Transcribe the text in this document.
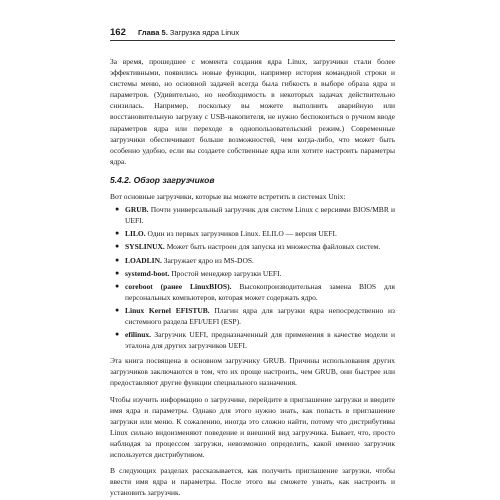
162 Глава 5. Загрузка ядра Linux

За время, прошедшее с момента создания ядра Linux, загрузчики стали более эффективными, появились новые функции, например история командной строки и системы меню, но основной задачей всегда была гибкость в выборе образа ядра и параметров. (Удивительно, но необходимость в некоторых задачах действительно снизилась. Например, поскольку вы можете выполнить аварийную или восстановительную загрузку с USB-накопителя, не нужно беспокоиться о ручном вводе параметров ядра или переходе в однопользовательский режим.) Современные загрузчики обеспечивают больше возможностей, чем когда-либо, что может быть особенно удобно, если вы создаете собственные ядра или хотите настроить параметры ядра.

5.4.2. Обзор загрузчиков

Вот основные загрузчики, которые вы можете встретить в системах Unix:

● GRUB. Почти универсальный загрузчик для систем Linux с версиями BIOS/MBR и UEFI.
● LILO. Один из первых загрузчиков Linux. ELILO — версия UEFI.
● SYSLINUX. Может быть настроен для запуска из множества файловых систем.
● LOADLIN. Загружает ядро из MS-DOS.
● systemd-boot. Простой менеджер загрузки UEFI.
● coreboot (ранее LinuxBIOS). Высокопроизводительная замена BIOS для персональных компьютеров, которая может содержать ядро.
● Linux Kernel EFISTUB. Плагин ядра для загрузки ядра непосредственно из системного раздела EFI/UEFI (ESP).
● efilinux. Загрузчик UEFI, предназначенный для применения в качестве модели и эталона для других загрузчиков UEFI.

Эта книга посвящена в основном загрузчику GRUB. Причины использования других загрузчиков заключаются в том, что их проще настроить, чем GRUB, они быстрее или предоставляют другие функции специального назначения.

Чтобы изучить информацию о загрузчике, перейдите в приглашение загрузки и введите имя ядра и параметры. Однако для этого нужно знать, как попасть в приглашение загрузки или меню. К сожалению, иногда это сложно найти, потому что дистрибутивы Linux сильно видоизменяют поведение и внешний вид загрузчика. Бывает, что, просто наблюдая за процессом загрузки, невозможно определить, какой именно загрузчик используется дистрибутивом.

В следующих разделах рассказывается, как получить приглашение загрузки, чтобы ввести имя ядра и параметры. После этого вы сможете узнать, как настроить и установить загрузчик.
